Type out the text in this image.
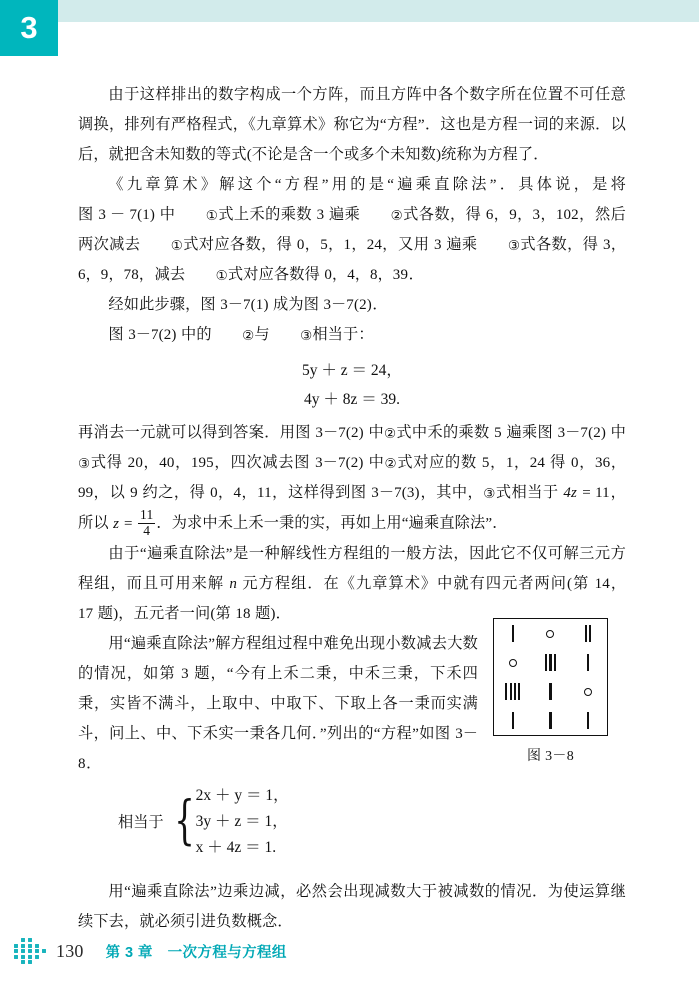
3

由于这样排出的数字构成一个方阵，而且方阵中各个数字所在位置不可任意调换，排列有严格程式，《九章算术》称它为“方程”．这也是方程一词的来源．以后，就把含未知数的等式(不论是含一个或多个未知数)统称为方程了．

《九章算术》解这个“方程”用的是“遍乘直除法”．具体说，是将图 3 － 7(1) 中 ①式上禾的乘数 3 遍乘 ②式各数，得 6，9，3，102，然后两次减去 ①式对应各数，得 0，5，1，24，又用 3 遍乘 ③式各数，得 3，6，9，78，减去 ①式对应各数得 0，4，8，39．

经如此步骤，图 3－7(1) 成为图 3－7(2)．

图 3－7(2) 中的 ②与 ③相当于：

5y ＋ z ＝ 24，
4y ＋ 8z ＝ 39.

再消去一元就可以得到答案．用图 3－7(2) 中②式中禾的乘数 5 遍乘图 3－7(2) 中③式得 20，40，195，四次减去图 3－7(2) 中②式对应的数 5，1，24 得 0，36，99，以 9 约之，得 0，4，11，这样得到图 3－7(3)，其中，③式相当于 4z = 11，所以 $z = \frac{11}{4}$ ．为求中禾上禾一秉的实，再如上用“遍乘直除法”．

由于“遍乘直除法”是一种解线性方程组的一般方法，因此它不仅可解三元方程组，而且可用来解 n 元方程组．在《九章算术》中就有四元者两问(第 14，17 题)，五元者一问(第 18 题)．

用“遍乘直除法”解方程组过程中难免出现小数减去大数的情况，如第 3 题，“今有上禾二秉，中禾三秉，下禾四秉，实皆不满斗，上取中、中取下、下取上各一秉而实满斗，问上、中、下禾实一秉各几何．”列出的“方程”如图 3－8．

相当于 { 2x ＋ y ＝ 1，
3y ＋ z ＝ 1，
x ＋ 4z ＝ 1.

用“遍乘直除法”边乘边减，必然会出现减数大于被减数的情况．为使运算继续下去，就必须引进负数概念．

图 3－8
130 第 3 章　一次方程与方程组
